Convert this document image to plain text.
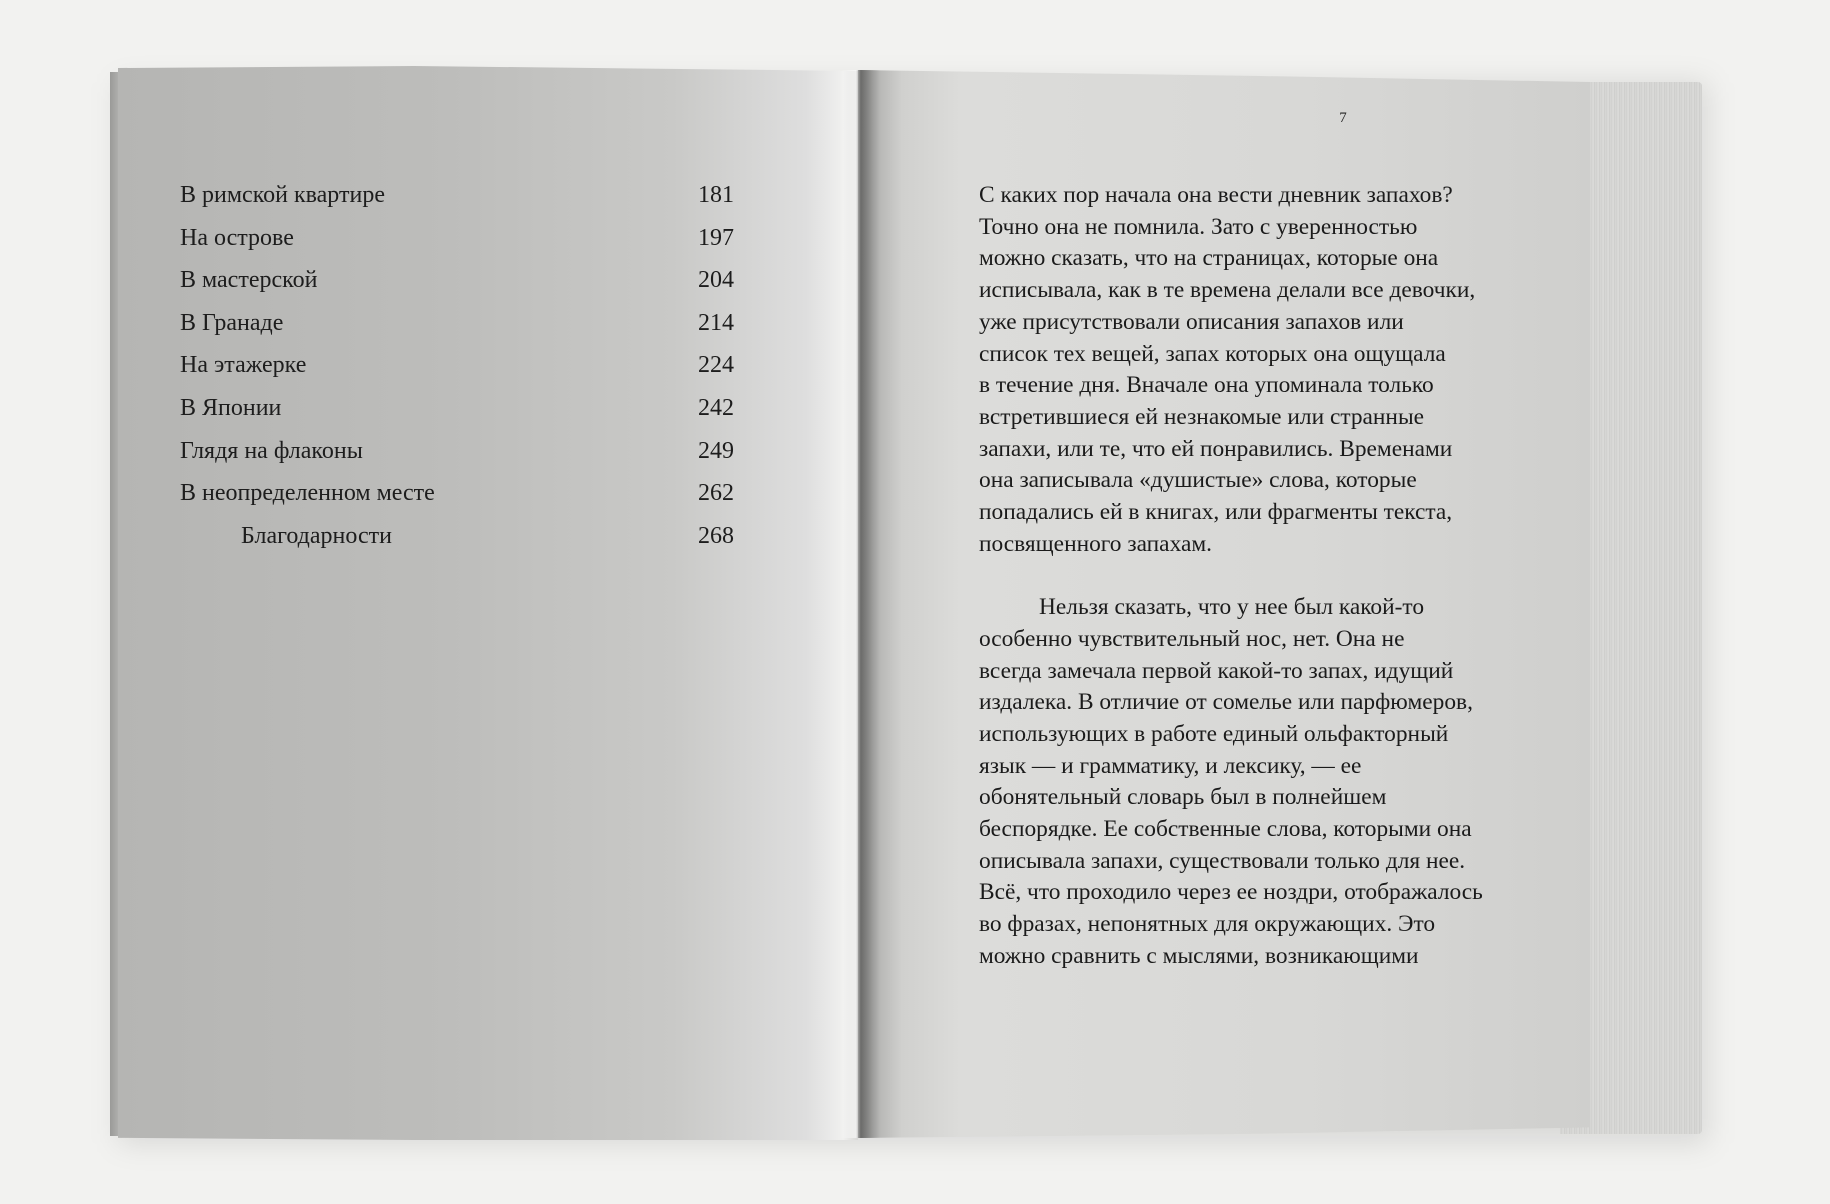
В римской квартире	181
На острове	197
В мастерской	204
В Гранаде	214
На этажерке	224
В Японии	242
Глядя на флаконы	249
В неопределенном месте	262
Благодарности	268
7

С каких пор начала она вести дневник запахов?
Точно она не помнила. Зато с уверенностью
можно сказать, что на страницах, которые она
исписывала, как в те времена делали все девочки,
уже присутствовали описания запахов или
список тех вещей, запах которых она ощущала
в течение дня. Вначале она упоминала только
встретившиеся ей незнакомые или странные
запахи, или те, что ей понравились. Временами
она записывала «душистые» слова, которые
попадались ей в книгах, или фрагменты текста,
посвященного запахам.

Нельзя сказать, что у нее был какой-то
особенно чувствительный нос, нет. Она не
всегда замечала первой какой-то запах, идущий
издалека. В отличие от сомелье или парфюмеров,
использующих в работе единый ольфакторный
язык — и грамматику, и лексику, — ее
обонятельный словарь был в полнейшем
беспорядке. Ее собственные слова, которыми она
описывала запахи, существовали только для нее.
Всё, что проходило через ее ноздри, отображалось
во фразах, непонятных для окружающих. Это
можно сравнить с мыслями, возникающими
